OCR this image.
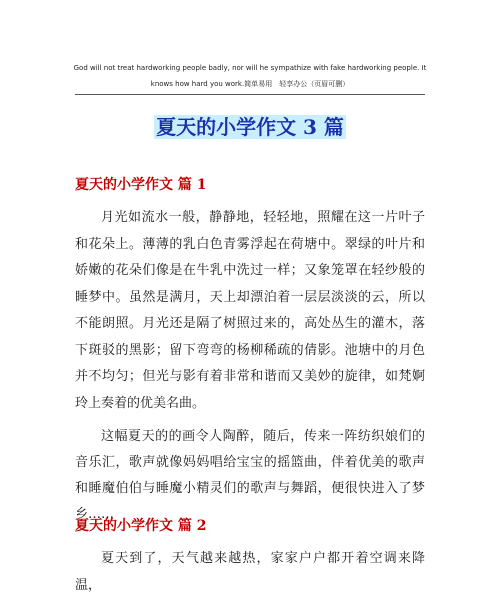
God will not treat hardworking people badly, nor will he sympathize with fake hardworking people. It knows how hard you work.简单易用　轻享办公（页眉可删）
夏天的小学作文 3 篇
夏天的小学作文 篇 1
月光如流水一般，静静地，轻轻地，照耀在这一片叶子和花朵上。薄薄的乳白色青雾浮起在荷塘中。翠绿的叶片和娇嫩的花朵们像是在牛乳中洗过一样；又象笼罩在轻纱般的睡梦中。虽然是满月，天上却漂泊着一层层淡淡的云，所以不能朗照。月光还是隔了树照过来的，高处丛生的灌木，落下斑驳的黑影；留下弯弯的杨柳稀疏的倩影。池塘中的月色并不均匀；但光与影有着非常和谐而又美妙的旋律，如梵婀玲上奏着的优美名曲。
这幅夏天的的画令人陶醉，随后，传来一阵纺织娘们的音乐汇，歌声就像妈妈唱给宝宝的摇篮曲，伴着优美的歌声和睡魔伯伯与睡魔小精灵们的歌声与舞蹈，便很快进入了梦乡……
夏天的小学作文 篇 2
夏天到了，天气越来越热，家家户户都开着空调来降温，
